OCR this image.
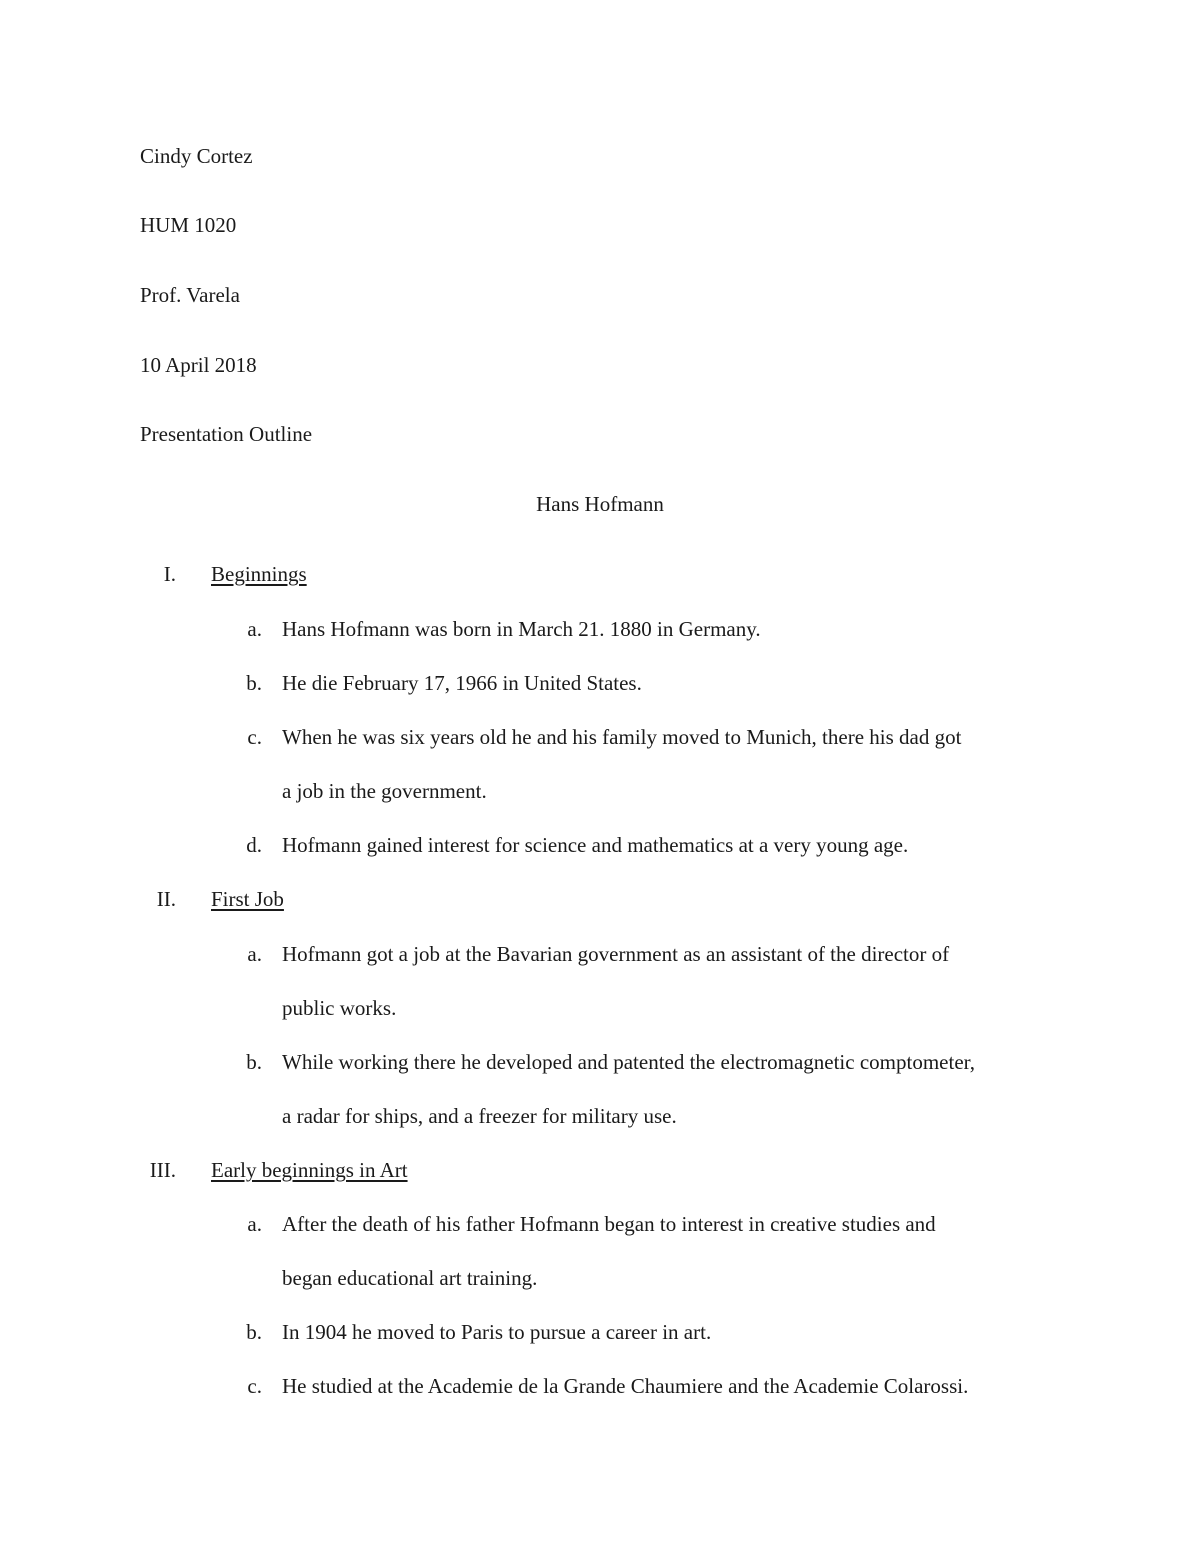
Cindy Cortez
HUM 1020
Prof. Varela
10 April 2018
Presentation Outline
Hans Hofmann
I. Beginnings
a. Hans Hofmann was born in March 21. 1880 in Germany.
b. He die February 17, 1966 in United States.
c. When he was six years old he and his family moved to Munich, there his dad got
a job in the government.
d. Hofmann gained interest for science and mathematics at a very young age.
II. First Job
a. Hofmann got a job at the Bavarian government as an assistant of the director of
public works.
b. While working there he developed and patented the electromagnetic comptometer,
a radar for ships, and a freezer for military use.
III. Early beginnings in Art
a. After the death of his father Hofmann began to interest in creative studies and
began educational art training.
b. In 1904 he moved to Paris to pursue a career in art.
c. He studied at the Academie de la Grande Chaumiere and the Academie Colarossi.
